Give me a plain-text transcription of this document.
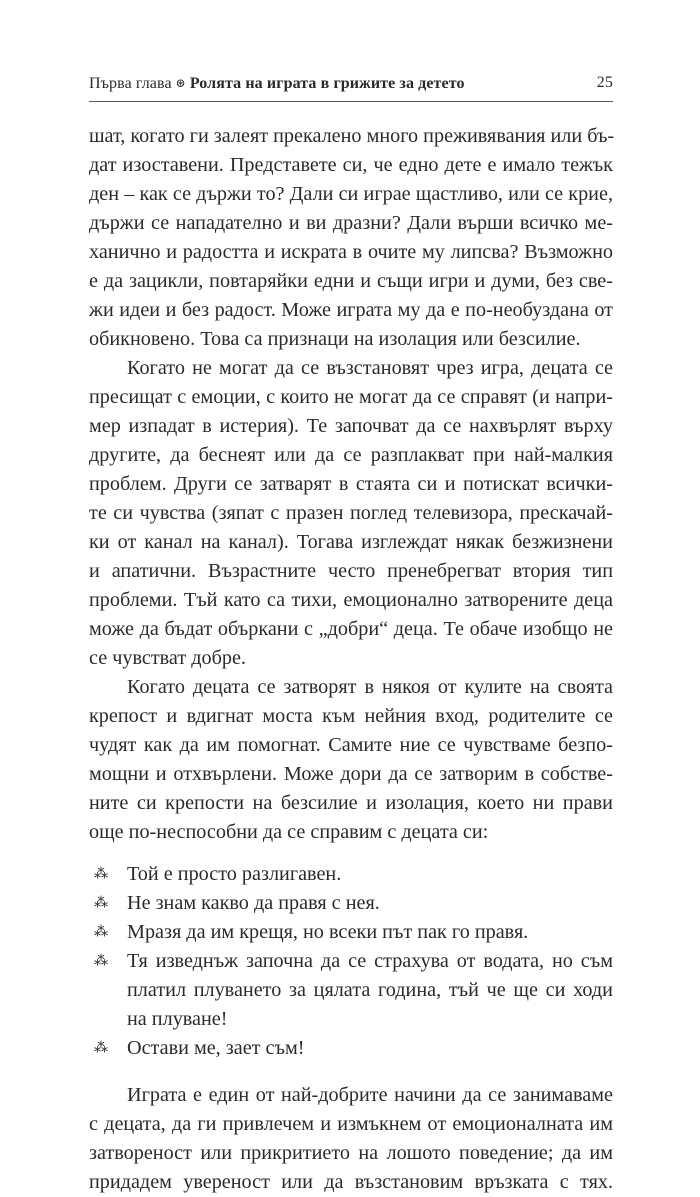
Първа глава ⊛ Ролята на играта в грижите за детето	25
шат, когато ги залеят прекалено много преживявания или бъ-
дат изоставени. Представете си, че едно дете е имало тежък
ден – как се държи то? Дали си играе щастливо, или се крие,
държи се нападателно и ви дразни? Дали върши всичко ме-
ханично и радостта и искрата в очите му липсва? Възможно
е да зацикли, повтаряйки едни и същи игри и думи, без све-
жи идеи и без радост. Може играта му да е по-необуздана от
обикновено. Това са признаци на изолация или безсилие.
Когато не могат да се възстановят чрез игра, децата се
пресищат с емоции, с които не могат да се справят (и напри-
мер изпадат в истерия). Те започват да се нахвърлят върху
другите, да беснеят или да се разплакват при най-малкия
проблем. Други се затварят в стаята си и потискат всички-
те си чувства (зяпат с празен поглед телевизора, прескачай-
ки от канал на канал). Тогава изглеждат някак безжизнени
и апатични. Възрастните често пренебрегват втория тип
проблеми. Тъй като са тихи, емоционално затворените деца
може да бъдат объркани с „добри“ деца. Те обаче изобщо не
се чувстват добре.
Когато децата се затворят в някоя от кулите на своята
крепост и вдигнат моста към нейния вход, родителите се
чудят как да им помогнат. Самите ние се чувстваме безпо-
мощни и отхвърлени. Може дори да се затворим в собстве-
ните си крепости на безсилие и изолация, което ни прави
още по-неспособни да се справим с децата си:
⁂ Той е просто разлигавен.
⁂ Не знам какво да правя с нея.
⁂ Мразя да им крещя, но всеки път пак го правя.
⁂ Тя изведнъж започна да се страхува от водата, но съм
платил плуването за цялата година, тъй че ще си ходи
на плуване!
⁂ Остави ме, зает съм!
Играта е един от най-добрите начини да се занимаваме
с децата, да ги привлечем и измъкнем от емоционалната им
затвореност или прикритието на лошото поведение; да им
придадем увереност или да възстановим връзката с тях.
